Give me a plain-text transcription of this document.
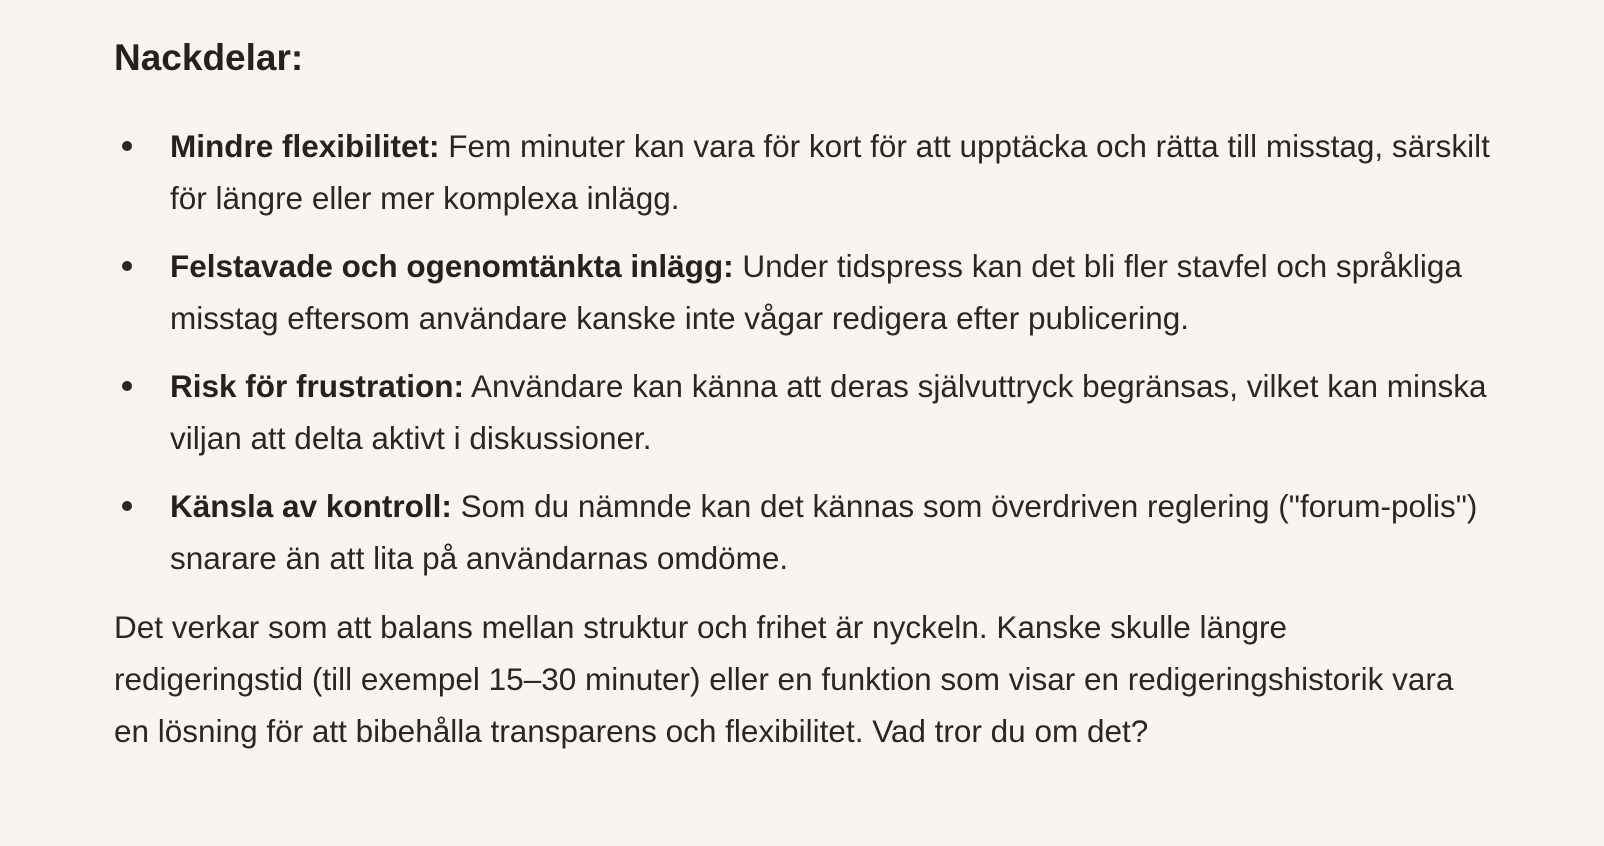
Nackdelar:
Mindre flexibilitet: Fem minuter kan vara för kort för att upptäcka och rätta till misstag, särskilt för längre eller mer komplexa inlägg.
Felstavade och ogenomtänkta inlägg: Under tidspress kan det bli fler stavfel och språkliga misstag eftersom användare kanske inte vågar redigera efter publicering.
Risk för frustration: Användare kan känna att deras självuttryck begränsas, vilket kan minska viljan att delta aktivt i diskussioner.
Känsla av kontroll: Som du nämnde kan det kännas som överdriven reglering ("forum-polis") snarare än att lita på användarnas omdöme.

Det verkar som att balans mellan struktur och frihet är nyckeln. Kanske skulle längre redigeringstid (till exempel 15–30 minuter) eller en funktion som visar en redigeringshistorik vara en lösning för att bibehålla transparens och flexibilitet. Vad tror du om det?
